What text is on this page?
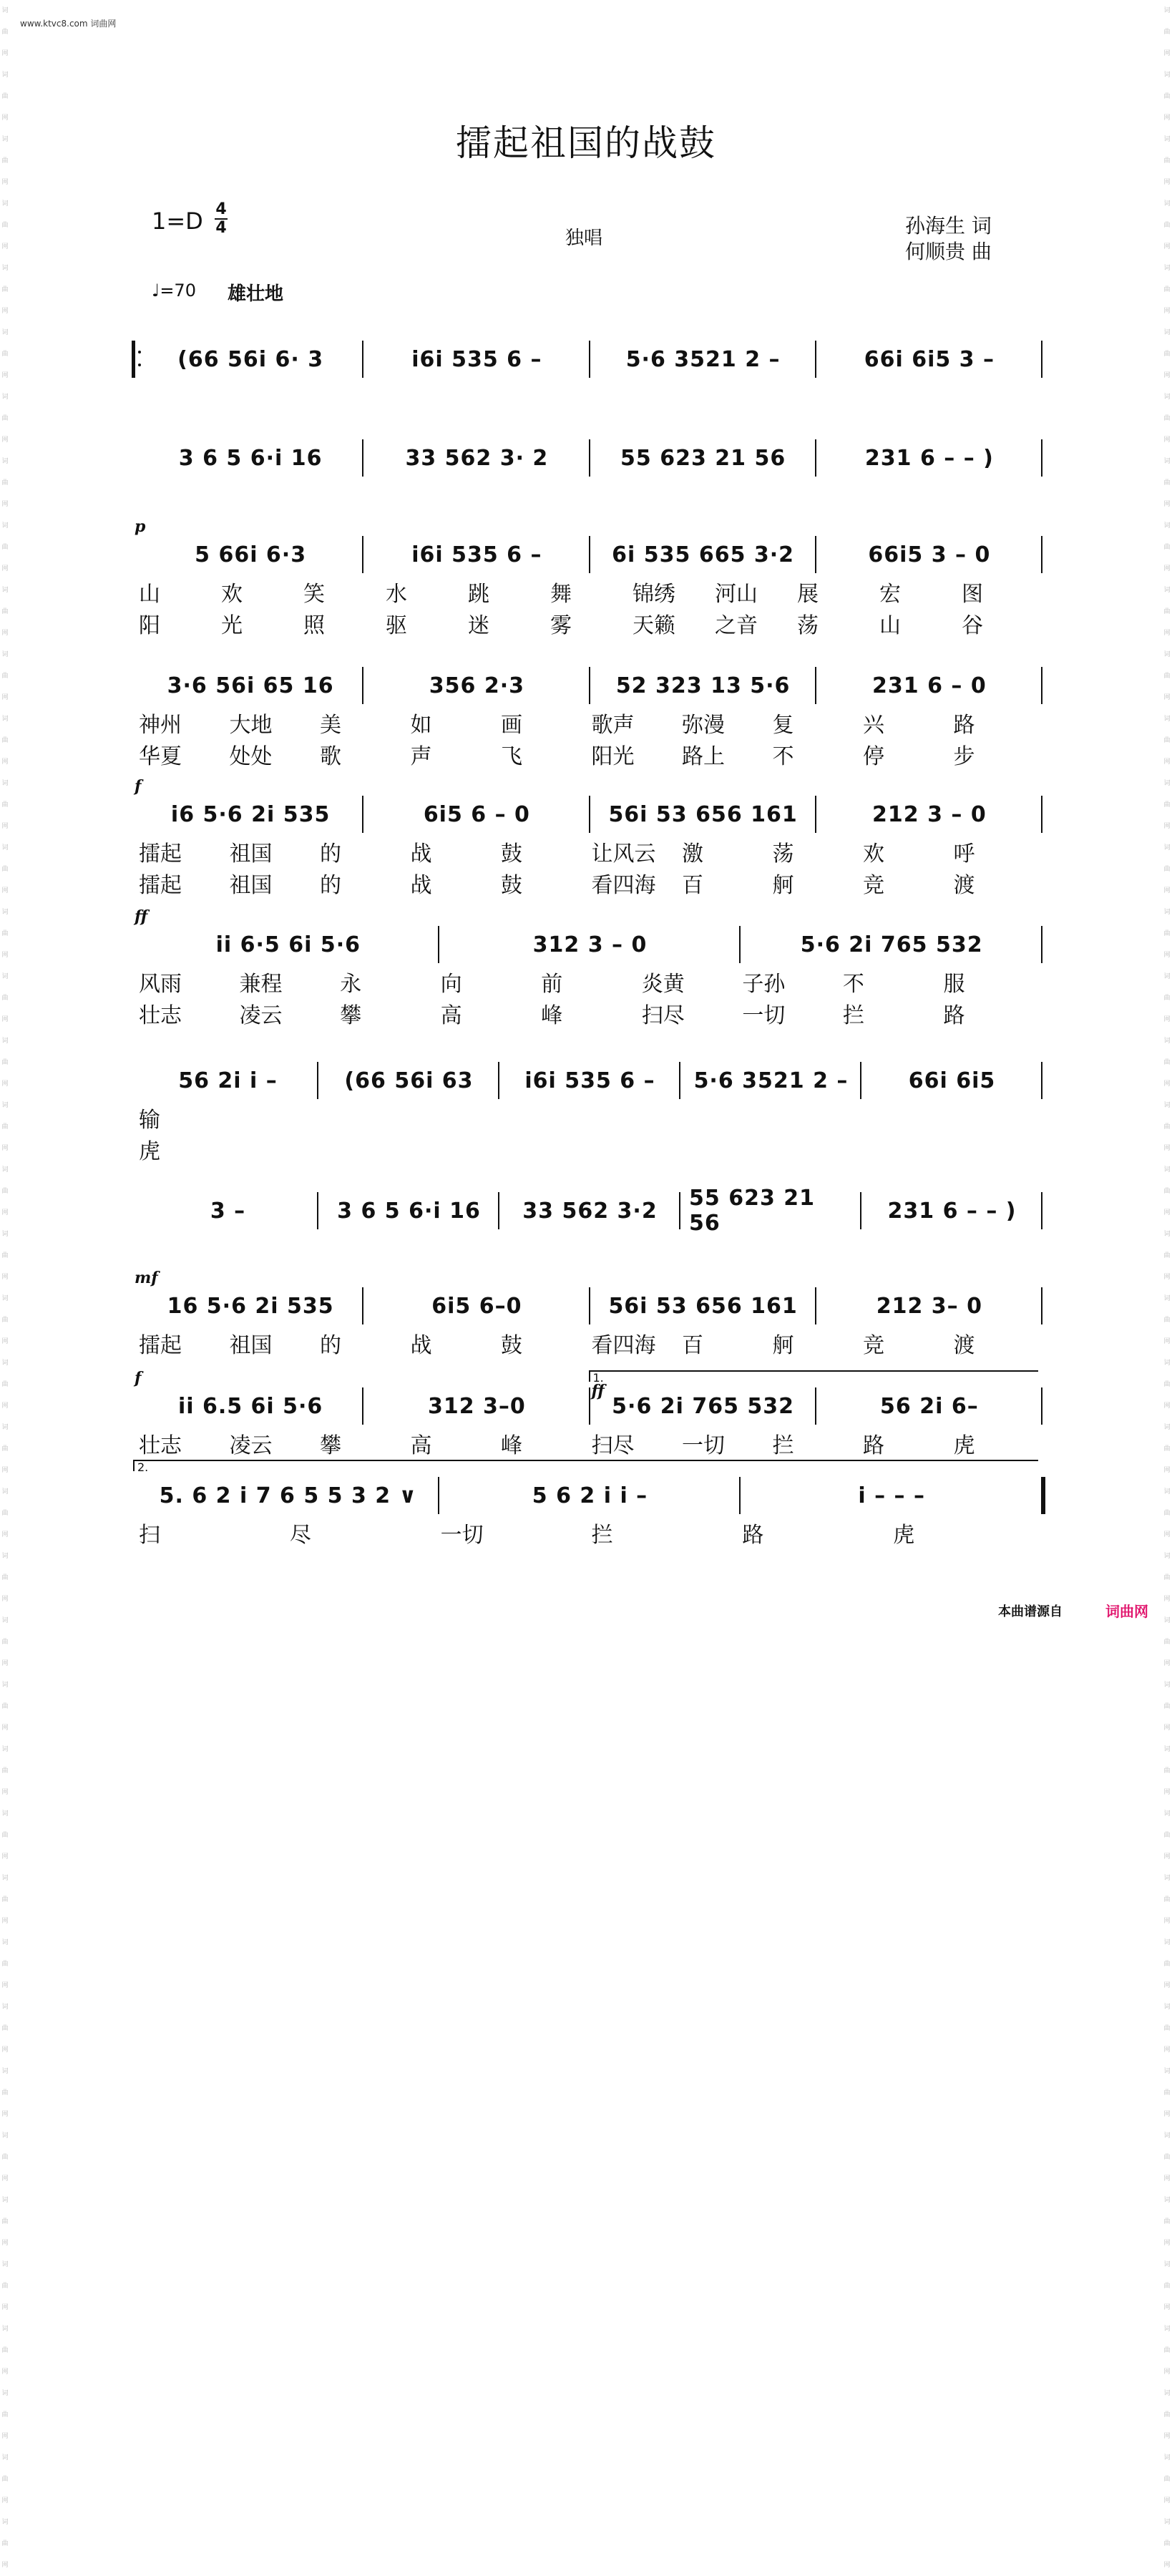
词曲网 词曲网 词曲网 词曲网 词曲网 词曲网 词曲网 词曲网 词曲网 词曲网 词曲网 词曲网 词曲网 词曲网 词曲网 词曲网 词曲网 词曲网 词曲网 词曲网 词曲网 词曲网 词曲网 词曲网 词曲网 词曲网 词曲网 词曲网 词曲网 词曲网 词曲网 词曲网 词曲网 词曲网 词曲网 词曲网 词曲网 词曲网 词曲网 词曲网
词曲网 词曲网 词曲网 词曲网 词曲网 词曲网 词曲网 词曲网 词曲网 词曲网 词曲网 词曲网 词曲网 词曲网 词曲网 词曲网 词曲网 词曲网 词曲网 词曲网 词曲网 词曲网 词曲网 词曲网 词曲网 词曲网 词曲网 词曲网 词曲网 词曲网 词曲网 词曲网 词曲网 词曲网 词曲网 词曲网 词曲网 词曲网 词曲网 词曲网
www.ktvc8.com 词曲网
擂起祖国的战鼓
1=D 4
4	独唱
孙海生 词
何顺贵 曲
♩=70 雄壮地
(66 56i 6· 3	i6i 535 6 –	5·6 3521 2 –	66i 6i5 3 –
3 6 5 6·i 16	33 562 3· 2	55 623 21 56	231 6 – – )
5 66i 6·3	i6i 535 6 –	6i 535 665 3·2	66i5 3 – 0
p
山	欢	笑	水	跳	舞	锦绣 河山 展	宏	图
阳	光	照	驱	迷	雾	天籁 之音 荡	山	谷
3·6 56i 65 16	356 2·3	52 323 13 5·6	231 6 – 0
神州 大地 美	如	画	歌声 弥漫 复	兴	路
华夏 处处 歌	声	飞	阳光 路上 不	停	步
i6 5·6 2i 535	6i5 6 – 0	56i 53 656 161	212 3 – 0
f
擂起 祖国 的	战	鼓	让风云 激	荡	欢	呼
擂起 祖国 的	战	鼓	看四海 百	舸	竞	渡
ii 6·5 6i 5·6	312 3 – 0	5·6 2i 765 532
ff
风雨	兼程	永	向	前	炎黄	子孙	不	服
壮志	凌云	攀	高	峰	扫尽	一切	拦	路
56 2i i –	(66 56i 63	i6i 535 6 –	5·6 3521 2 –	66i 6i5
输
虎
3 –	3 6 5 6·i 16	33 562 3·2	55 623 21 56	231 6 – – )
16 5·6 2i 535	6i5 6–0	56i 53 656 161	212 3– 0
mf
擂起 祖国 的	战	鼓	看四海 百	舸	竞	渡
ii 6.5 6i 5·6	312 3–0	5·6 2i 765 532	56 2i 6–
f
ff
1.
壮志 凌云 攀	高	峰	扫尽 一切 拦	路	虎
5. 6 2 i 7 6 5 5 3 2 ∨	5 6 2 i i –	i – – –
2.
扫	尽	一切	拦	路	虎
本曲谱源自	词曲网
